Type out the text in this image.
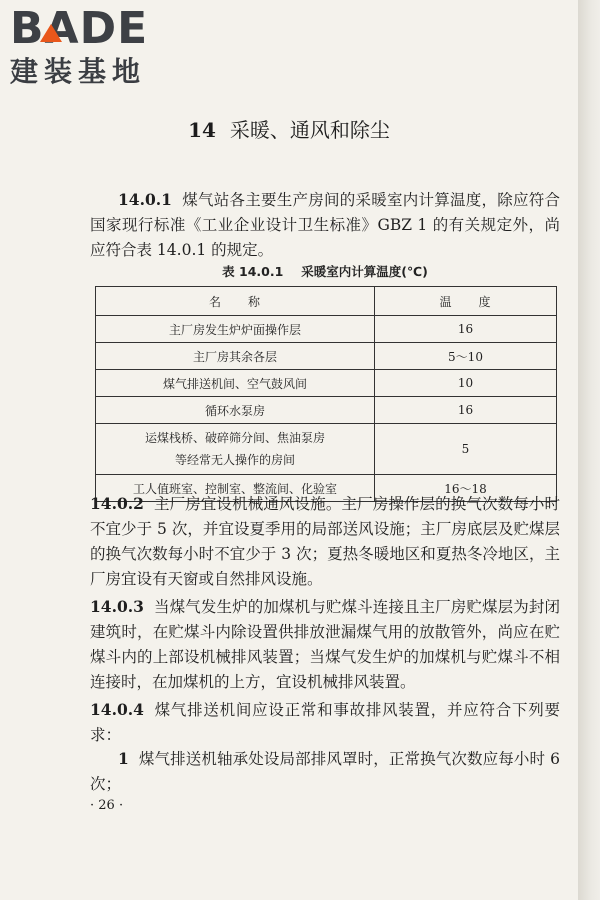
BADE
建装基地
14 采暖、通风和除尘
14.0.1 煤气站各主要生产房间的采暖室内计算温度，除应符合国家现行标准《工业企业设计卫生标准》GBZ 1 的有关规定外，尚应符合表 14.0.1 的规定。
表 14.0.1 采暖室内计算温度(℃)
名　　称	温　　度
主厂房发生炉炉面操作层	16
主厂房其余各层	5～10
煤气排送机间、空气鼓风间	10
循环水泵房	16

运煤栈桥、破碎筛分间、焦油泵房
等经常无人操作的房间	5
工人值班室、控制室、整流间、化验室	16～18
14.0.2 主厂房宜设机械通风设施。主厂房操作层的换气次数每小时不宜少于 5 次，并宜设夏季用的局部送风设施；主厂房底层及贮煤层的换气次数每小时不宜少于 3 次；夏热冬暖地区和夏热冬冷地区，主厂房宜设有天窗或自然排风设施。
14.0.3 当煤气发生炉的加煤机与贮煤斗连接且主厂房贮煤层为封闭建筑时，在贮煤斗内除设置供排放泄漏煤气用的放散管外，尚应在贮煤斗内的上部设机械排风装置；当煤气发生炉的加煤机与贮煤斗不相连接时，在加煤机的上方，宜设机械排风装置。
14.0.4 煤气排送机间应设正常和事故排风装置，并应符合下列要求：
1 煤气排送机轴承处设局部排风罩时，正常换气次数应每小时 6 次；
· 26 ·
